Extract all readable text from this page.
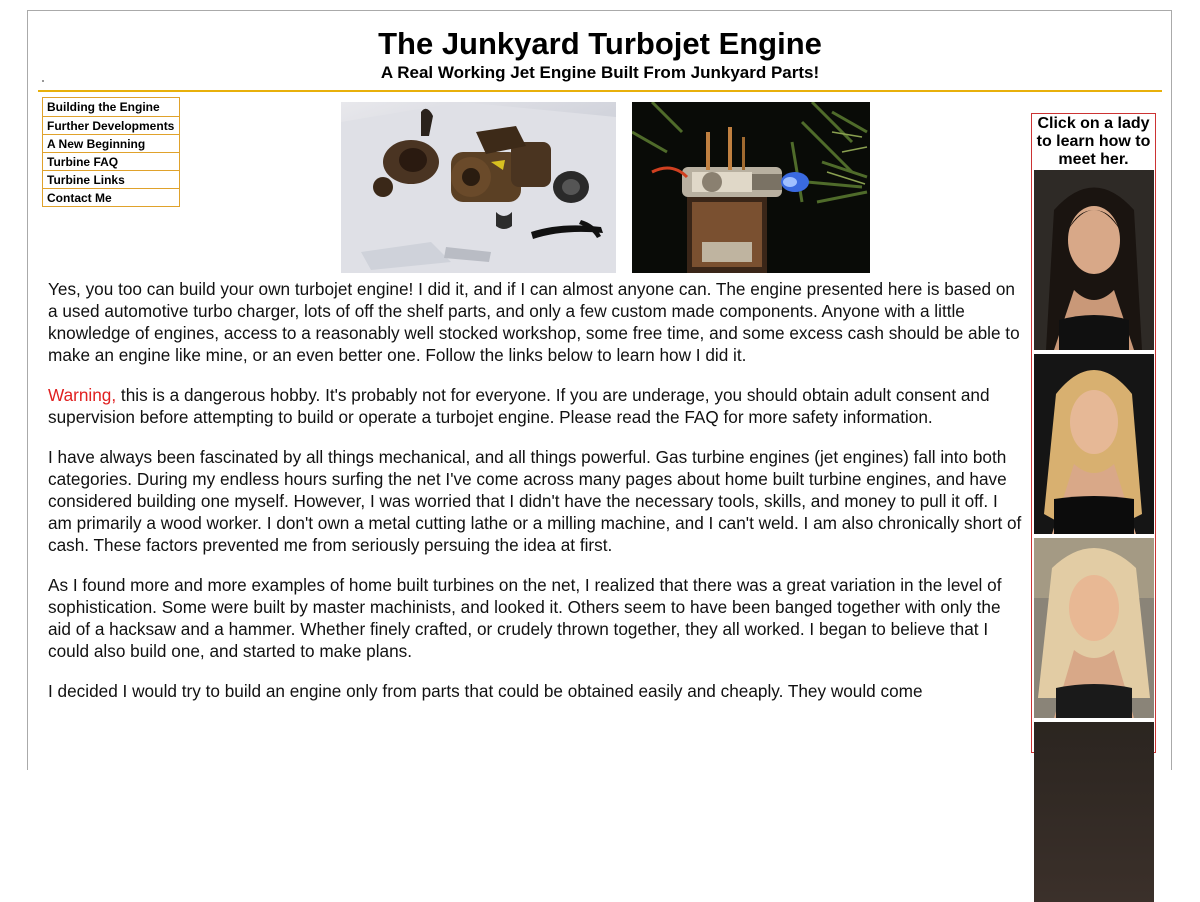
The Junkyard Turbojet Engine
A Real Working Jet Engine Built From Junkyard Parts!
Building the Engine
Further Developments
A New Beginning
Turbine FAQ
Turbine Links
Contact Me

Yes, you too can build your own turbojet engine! I did it, and if I can almost anyone can. The engine presented here is based on a used automotive turbo charger, lots of off the shelf parts, and only a few custom made components. Anyone with a little knowledge of engines, access to a reasonably well stocked workshop, some free time, and some excess cash should be able to make an engine like mine, or an even better one. Follow the links below to learn how I did it.

Warning, this is a dangerous hobby. It's probably not for everyone. If you are underage, you should obtain adult consent and supervision before attempting to build or operate a turbojet engine. Please read the FAQ for more safety information.

I have always been fascinated by all things mechanical, and all things powerful. Gas turbine engines (jet engines) fall into both categories. During my endless hours surfing the net I've come across many pages about home built turbine engines, and have considered building one myself. However, I was worried that I didn't have the necessary tools, skills, and money to pull it off. I am primarily a wood worker. I don't own a metal cutting lathe or a milling machine, and I can't weld. I am also chronically short of cash. These factors prevented me from seriously persuing the idea at first.

As I found more and more examples of home built turbines on the net, I realized that there was a great variation in the level of sophistication. Some were built by master machinists, and looked it. Others seem to have been banged together with only the aid of a hacksaw and a hammer. Whether finely crafted, or crudely thrown together, they all worked. I began to believe that I could also build one, and started to make plans.

I decided I would try to build an engine only from parts that could be obtained easily and cheaply. They would come

Click on a lady to learn how to meet her.
